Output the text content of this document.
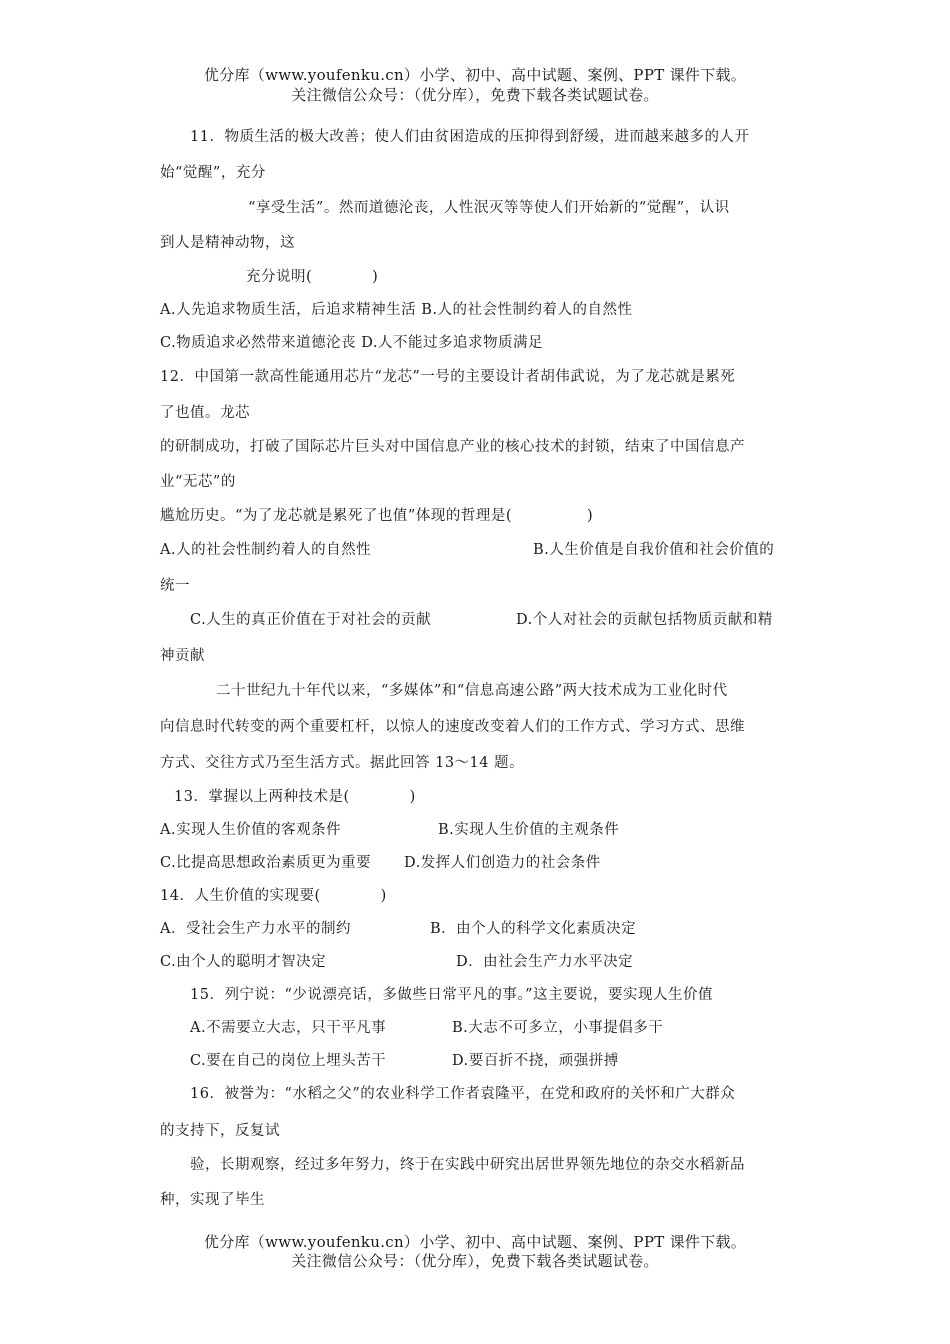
优分库（www.youfenku.cn）小学、初中、高中试题、案例、PPT 课件下载。
关注微信公众号：（优分库），免费下载各类试题试卷。
11．物质生活的极大改善；使人们由贫困造成的压抑得到舒缓，进而越来越多的人开
始“觉醒”，充分
“享受生活”。然而道德沦丧，人性泯灭等等使人们开始新的“觉醒”，认识
到人是精神动物，这
充分说明(　　　　)
A.人先追求物质生活，后追求精神生活 B.人的社会性制约着人的自然性
C.物质追求必然带来道德沦丧 D.人不能过多追求物质满足
12．中国第一款高性能通用芯片“龙芯”一号的主要设计者胡伟武说，为了龙芯就是累死
了也值。龙芯
的研制成功，打破了国际芯片巨头对中国信息产业的核心技术的封锁，结束了中国信息产
业“无芯”的
尴尬历史。“为了龙芯就是累死了也值”体现的哲理是(　　　　　)
A.人的社会性制约着人的自然性	B.人生价值是自我价值和社会价值的
统一
C.人生的真正价值在于对社会的贡献	D.个人对社会的贡献包括物质贡献和精
神贡献
二十世纪九十年代以来，“多媒体”和“信息高速公路”两大技术成为工业化时代
向信息时代转变的两个重要杠杆，以惊人的速度改变着人们的工作方式、学习方式、思维
方式、交往方式乃至生活方式。据此回答 13～14 题。
13．掌握以上两种技术是(　　　　)
A.实现人生价值的客观条件	B.实现人生价值的主观条件
C.比提高思想政治素质更为重要 D.发挥人们创造力的社会条件
14．人生价值的实现要(　　　　)
A．受社会生产力水平的制约	B．由个人的科学文化素质决定
C.由个人的聪明才智决定	D．由社会生产力水平决定
15．列宁说：“少说漂亮话，多做些日常平凡的事。”这主要说，要实现人生价值
A.不需要立大志，只干平凡事	B.大志不可多立，小事提倡多干
C.要在自己的岗位上埋头苦干	D.要百折不挠，顽强拼搏
16．被誉为：“水稻之父”的农业科学工作者袁隆平，在党和政府的关怀和广大群众
的支持下，反复试
验，长期观察，经过多年努力，终于在实践中研究出居世界领先地位的杂交水稻新品
种，实现了毕生
优分库（www.youfenku.cn）小学、初中、高中试题、案例、PPT 课件下载。
关注微信公众号：（优分库），免费下载各类试题试卷。
